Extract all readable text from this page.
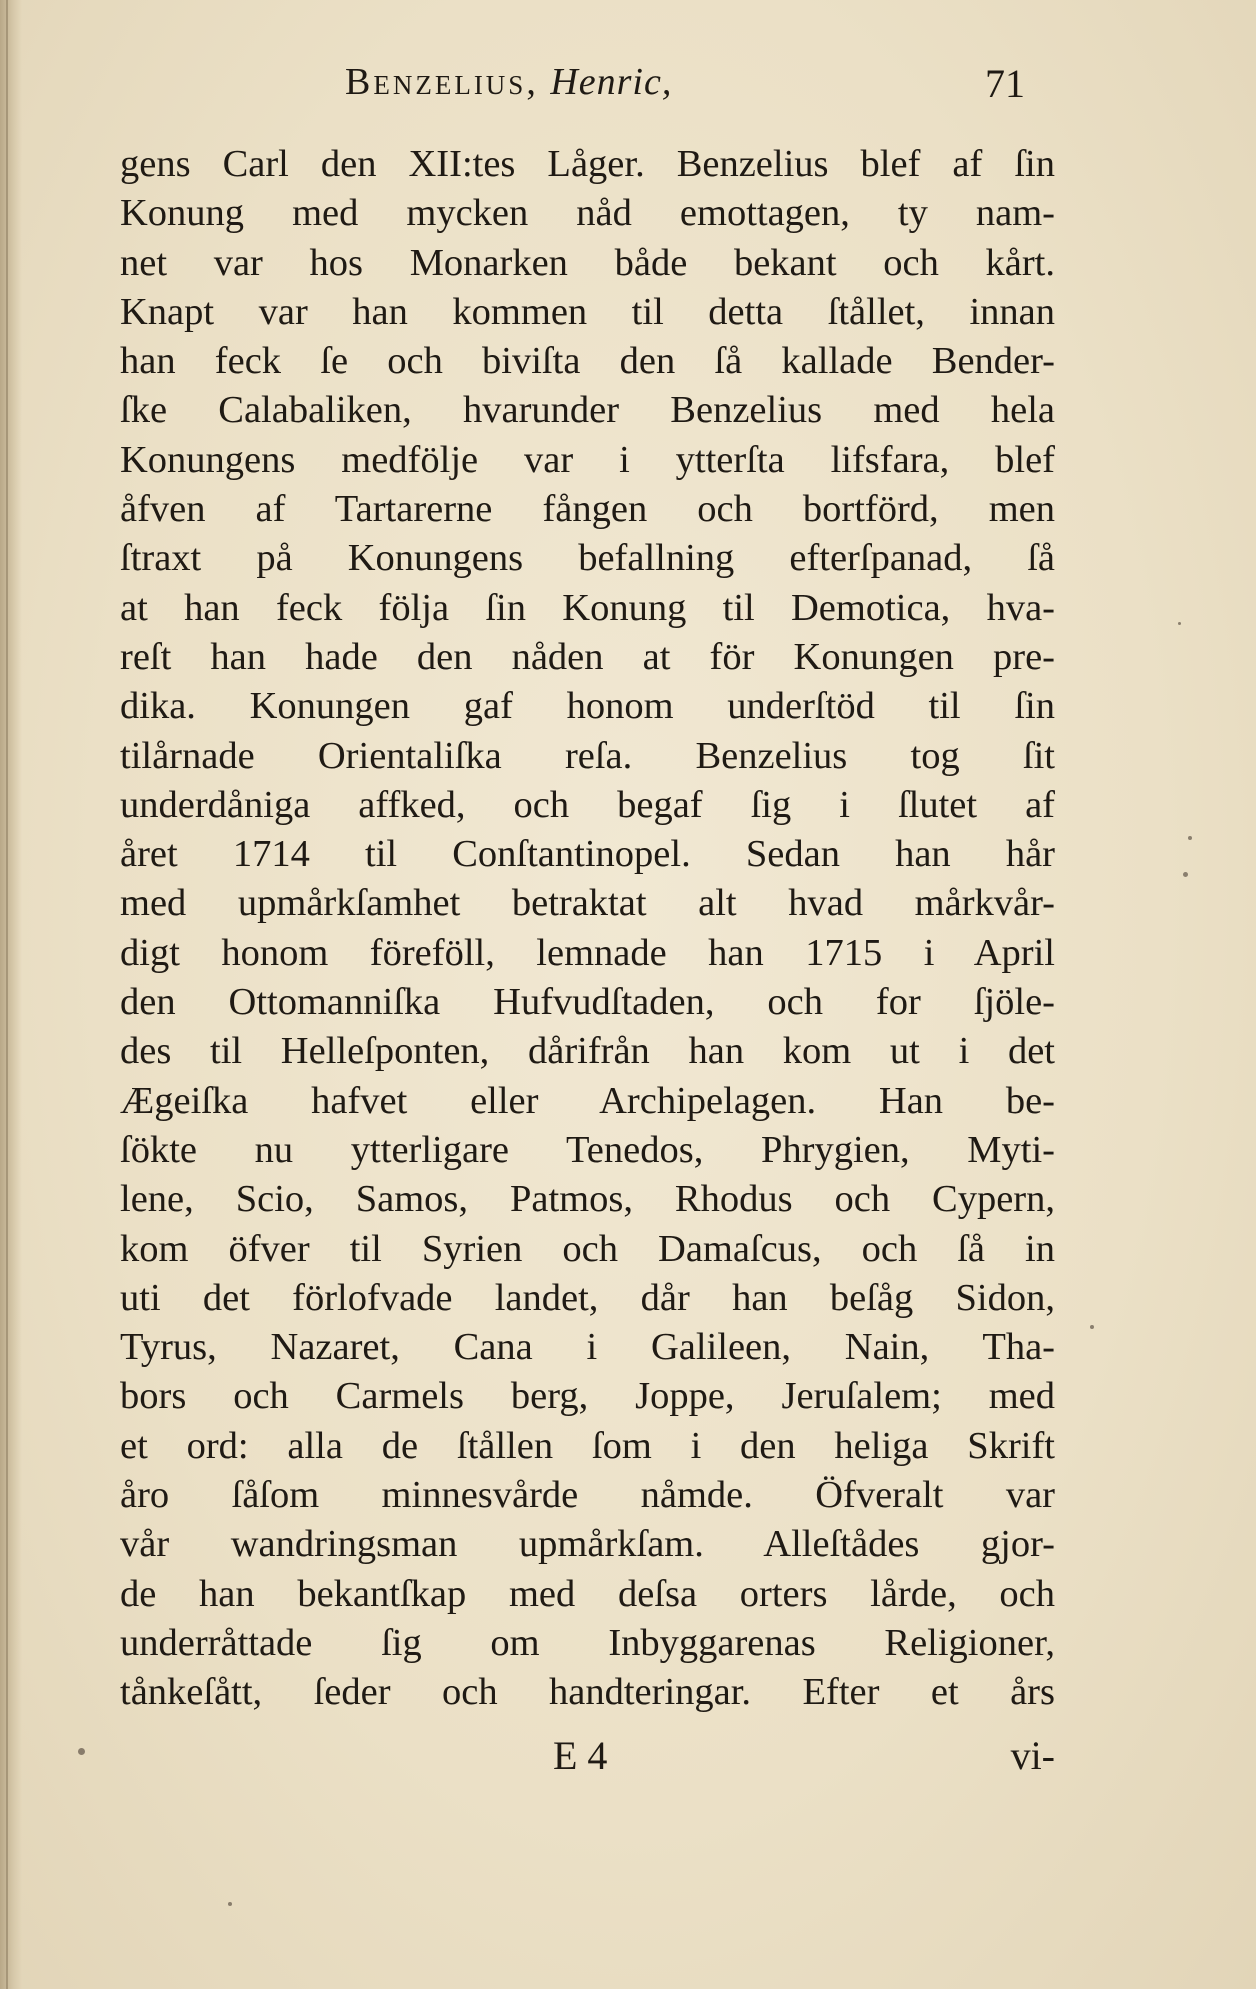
Benzelius, Henric,	71
gens Carl den XII:tes Låger. Benzelius blef af ſin
Konung med mycken nåd emottagen, ty nam-
net var hos Monarken både bekant och kårt.
Knapt var han kommen til detta ſtållet, innan
han feck ſe och biviſta den ſå kallade Bender-
ſke Calabaliken, hvarunder Benzelius med hela
Konungens medfölje var i ytterſta lifsfara, blef
åfven af Tartarerne fången och bortförd, men
ſtraxt på Konungens befallning efterſpanad, ſå
at han feck följa ſin Konung til Demotica, hva-
reſt han hade den nåden at för Konungen pre-
dika. Konungen gaf honom underſtöd til ſin
tilårnade Orientaliſka reſa. Benzelius tog ſit
underdåniga affked, och begaf ſig i ſlutet af
året 1714 til Conſtantinopel. Sedan han hår
med upmårkſamhet betraktat alt hvad mårkvår-
digt honom föreföll, lemnade han 1715 i April
den Ottomanniſka Hufvudſtaden, och for ſjöle-
des til Helleſponten, dårifrån han kom ut i det
Ægeiſka hafvet eller Archipelagen. Han be-
ſökte nu ytterligare Tenedos, Phrygien, Myti-
lene, Scio, Samos, Patmos, Rhodus och Cypern,
kom öfver til Syrien och Damaſcus, och ſå in
uti det förlofvade landet, dår han beſåg Sidon,
Tyrus, Nazaret, Cana i Galileen, Nain, Tha-
bors och Carmels berg, Joppe, Jeruſalem; med
et ord: alla de ſtållen ſom i den heliga Skrift
åro ſåſom minnesvårde nåmde. Öfveralt var
vår wandringsman upmårkſam. Alleſtådes gjor-
de han bekantſkap med deſsa orters lårde, och
underråttade ſig om Inbyggarenas Religioner,
tånkeſått, ſeder och handteringar. Efter et års
E 4	vi-
